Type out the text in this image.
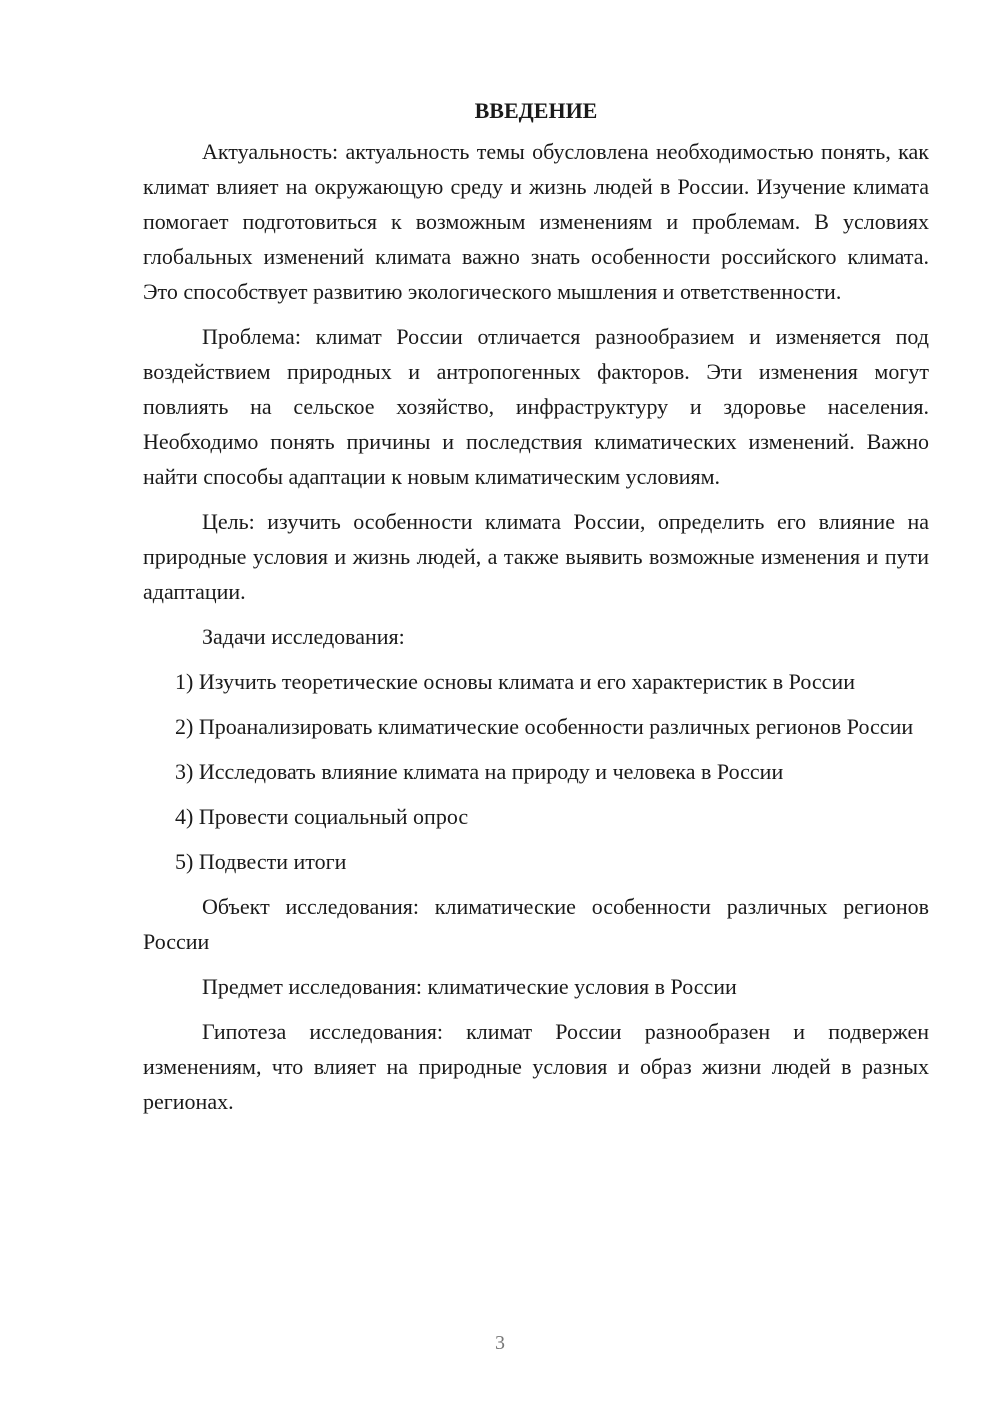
ВВЕДЕНИЕ

Актуальность: актуальность темы обусловлена необходимостью понять, как климат влияет на окружающую среду и жизнь людей в России. Изучение климата помогает подготовиться к возможным изменениям и проблемам. В условиях глобальных изменений климата важно знать особенности российского климата. Это способствует развитию экологического мышления и ответственности.

Проблема: климат России отличается разнообразием и изменяется под воздействием природных и антропогенных факторов. Эти изменения могут повлиять на сельское хозяйство, инфраструктуру и здоровье населения. Необходимо понять причины и последствия климатических изменений. Важно найти способы адаптации к новым климатическим условиям.

Цель: изучить особенности климата России, определить его влияние на природные условия и жизнь людей, а также выявить возможные изменения и пути адаптации.

Задачи исследования:

1) Изучить теоретические основы климата и его характеристик в России

2) Проанализировать климатические особенности различных регионов России

3) Исследовать влияние климата на природу и человека в России

4) Провести социальный опрос

5) Подвести итоги

Объект исследования: климатические особенности различных регионов России

Предмет исследования: климатические условия в России

Гипотеза исследования: климат России разнообразен и подвержен изменениям, что влияет на природные условия и образ жизни людей в разных регионах.

3
